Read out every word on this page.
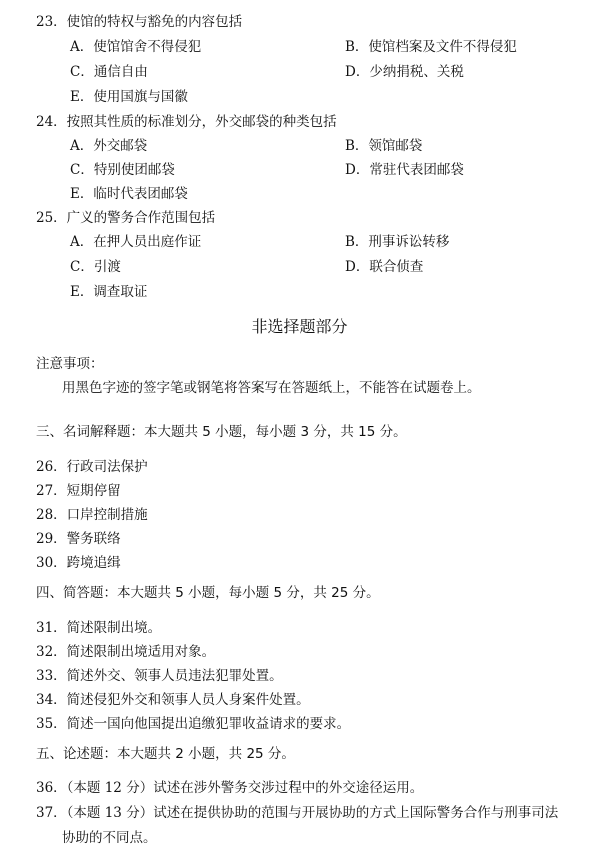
23．使馆的特权与豁免的内容包括
A．使馆馆舍不得侵犯	B．使馆档案及文件不得侵犯
C．通信自由	D．少纳捐税、关税
E．使用国旗与国徽
24．按照其性质的标准划分，外交邮袋的种类包括
A．外交邮袋	B．领馆邮袋
C．特别使团邮袋	D．常驻代表团邮袋
E．临时代表团邮袋
25．广义的警务合作范围包括
A．在押人员出庭作证	B．刑事诉讼转移
C．引渡	D．联合侦查
E．调查取证
非选择题部分
注意事项：
用黑色字迹的签字笔或钢笔将答案写在答题纸上，不能答在试题卷上。
三、名词解释题：本大题共 5 小题，每小题 3 分，共 15 分。
26．行政司法保护
27．短期停留
28．口岸控制措施
29．警务联络
30．跨境追缉
四、简答题：本大题共 5 小题，每小题 5 分，共 25 分。
31．简述限制出境。
32．简述限制出境适用对象。
33．简述外交、领事人员违法犯罪处置。
34．简述侵犯外交和领事人员人身案件处置。
35．简述一国向他国提出追缴犯罪收益请求的要求。
五、论述题：本大题共 2 小题，共 25 分。
36．（本题 12 分）试述在涉外警务交涉过程中的外交途径运用。
37．（本题 13 分）试述在提供协助的范围与开展协助的方式上国际警务合作与刑事司法
协助的不同点。
